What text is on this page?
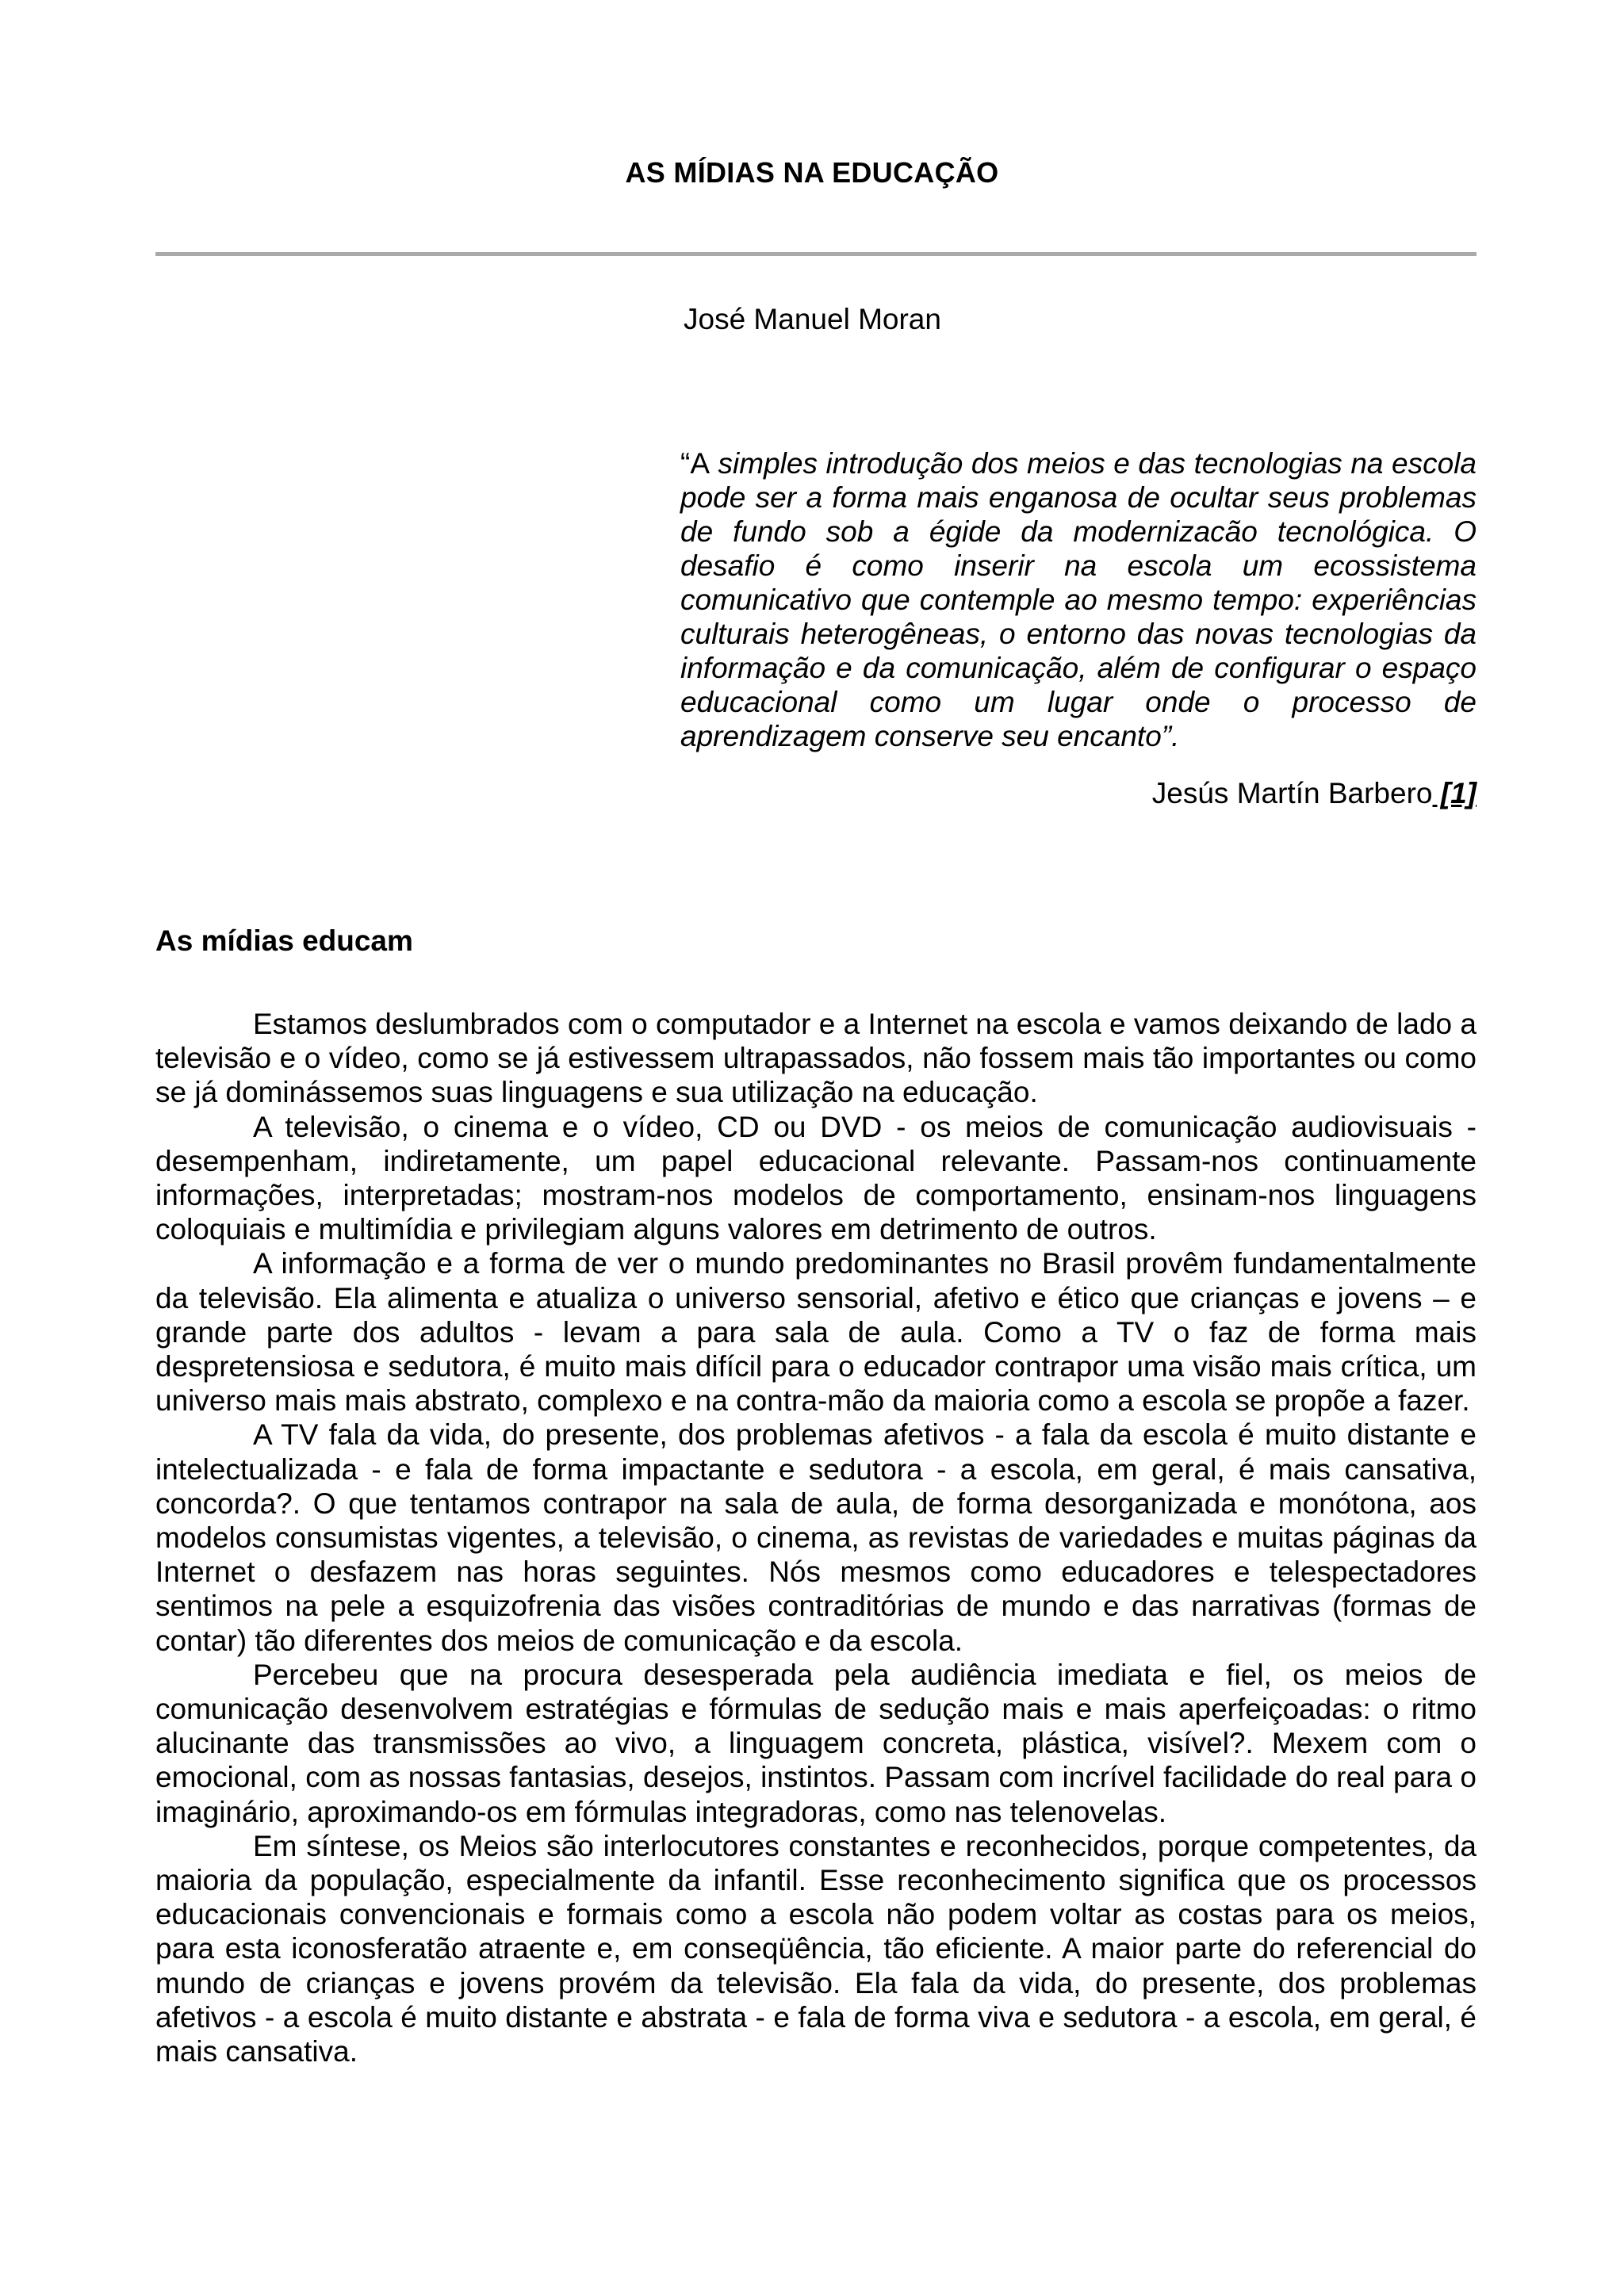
AS MÍDIAS NA EDUCAÇÃO
José Manuel Moran
“A simples introdução dos meios e das tecnologias na escola pode ser a forma mais enganosa de ocultar seus problemas de fundo sob a égide da modernizacão tecnológica. O desafio é como inserir na escola um ecossistema comunicativo que contemple ao mesmo tempo: experiências culturais heterogêneas, o entorno das novas tecnologias da informação e da comunicação, além de configurar o espaço educacional como um lugar onde o processo de aprendizagem conserve seu encanto”.
Jesús Martín Barbero [1]
As mídias educam

Estamos deslumbrados com o computador e a Internet na escola e vamos deixando de lado a televisão e o vídeo, como se já estivessem ultrapassados, não fossem mais tão importantes ou como se já dominássemos suas linguagens e sua utilização na educação.

A televisão, o cinema e o vídeo, CD ou DVD - os meios de comunicação audiovisuais - desempenham, indiretamente, um papel educacional relevante. Passam-nos continuamente informações, interpretadas; mostram-nos modelos de comportamento, ensinam-nos linguagens coloquiais e multimídia e privilegiam alguns valores em detrimento de outros.

A informação e a forma de ver o mundo predominantes no Brasil provêm fundamentalmente da televisão. Ela alimenta e atualiza o universo sensorial, afetivo e ético que crianças e jovens – e grande parte dos adultos - levam a para sala de aula. Como a TV o faz de forma mais despretensiosa e sedutora, é muito mais difícil para o educador contrapor uma visão mais crítica, um universo mais mais abstrato, complexo e na contra-mão da maioria como a escola se propõe a fazer.

A TV fala da vida, do presente, dos problemas afetivos - a fala da escola é muito distante e intelectualizada - e fala de forma impactante e sedutora - a escola, em geral, é mais cansativa, concorda?. O que tentamos contrapor na sala de aula, de forma desorganizada e monótona, aos modelos consumistas vigentes, a televisão, o cinema, as revistas de variedades e muitas páginas da Internet o desfazem nas horas seguintes. Nós mesmos como educadores e telespectadores sentimos na pele a esquizofrenia das visões contraditórias de mundo e das narrativas (formas de contar) tão diferentes dos meios de comunicação e da escola.

Percebeu que na procura desesperada pela audiência imediata e fiel, os meios de comunicação desenvolvem estratégias e fórmulas de sedução mais e mais aperfeiçoadas: o ritmo alucinante das transmissões ao vivo, a linguagem concreta, plástica, visível?. Mexem com o emocional, com as nossas fantasias, desejos, instintos. Passam com incrível facilidade do real para o imaginário, aproximando-os em fórmulas integradoras, como nas telenovelas.

Em síntese, os Meios são interlocutores constantes e reconhecidos, porque competentes, da maioria da população, especialmente da infantil. Esse reconhecimento significa que os processos educacionais convencionais e formais como a escola não podem voltar as costas para os meios, para esta iconosferatão atraente e, em conseqüência, tão eficiente. A maior parte do referencial do mundo de crianças e jovens provém da televisão. Ela fala da vida, do presente, dos problemas afetivos - a escola é muito distante e abstrata - e fala de forma viva e sedutora - a escola, em geral, é mais cansativa.
